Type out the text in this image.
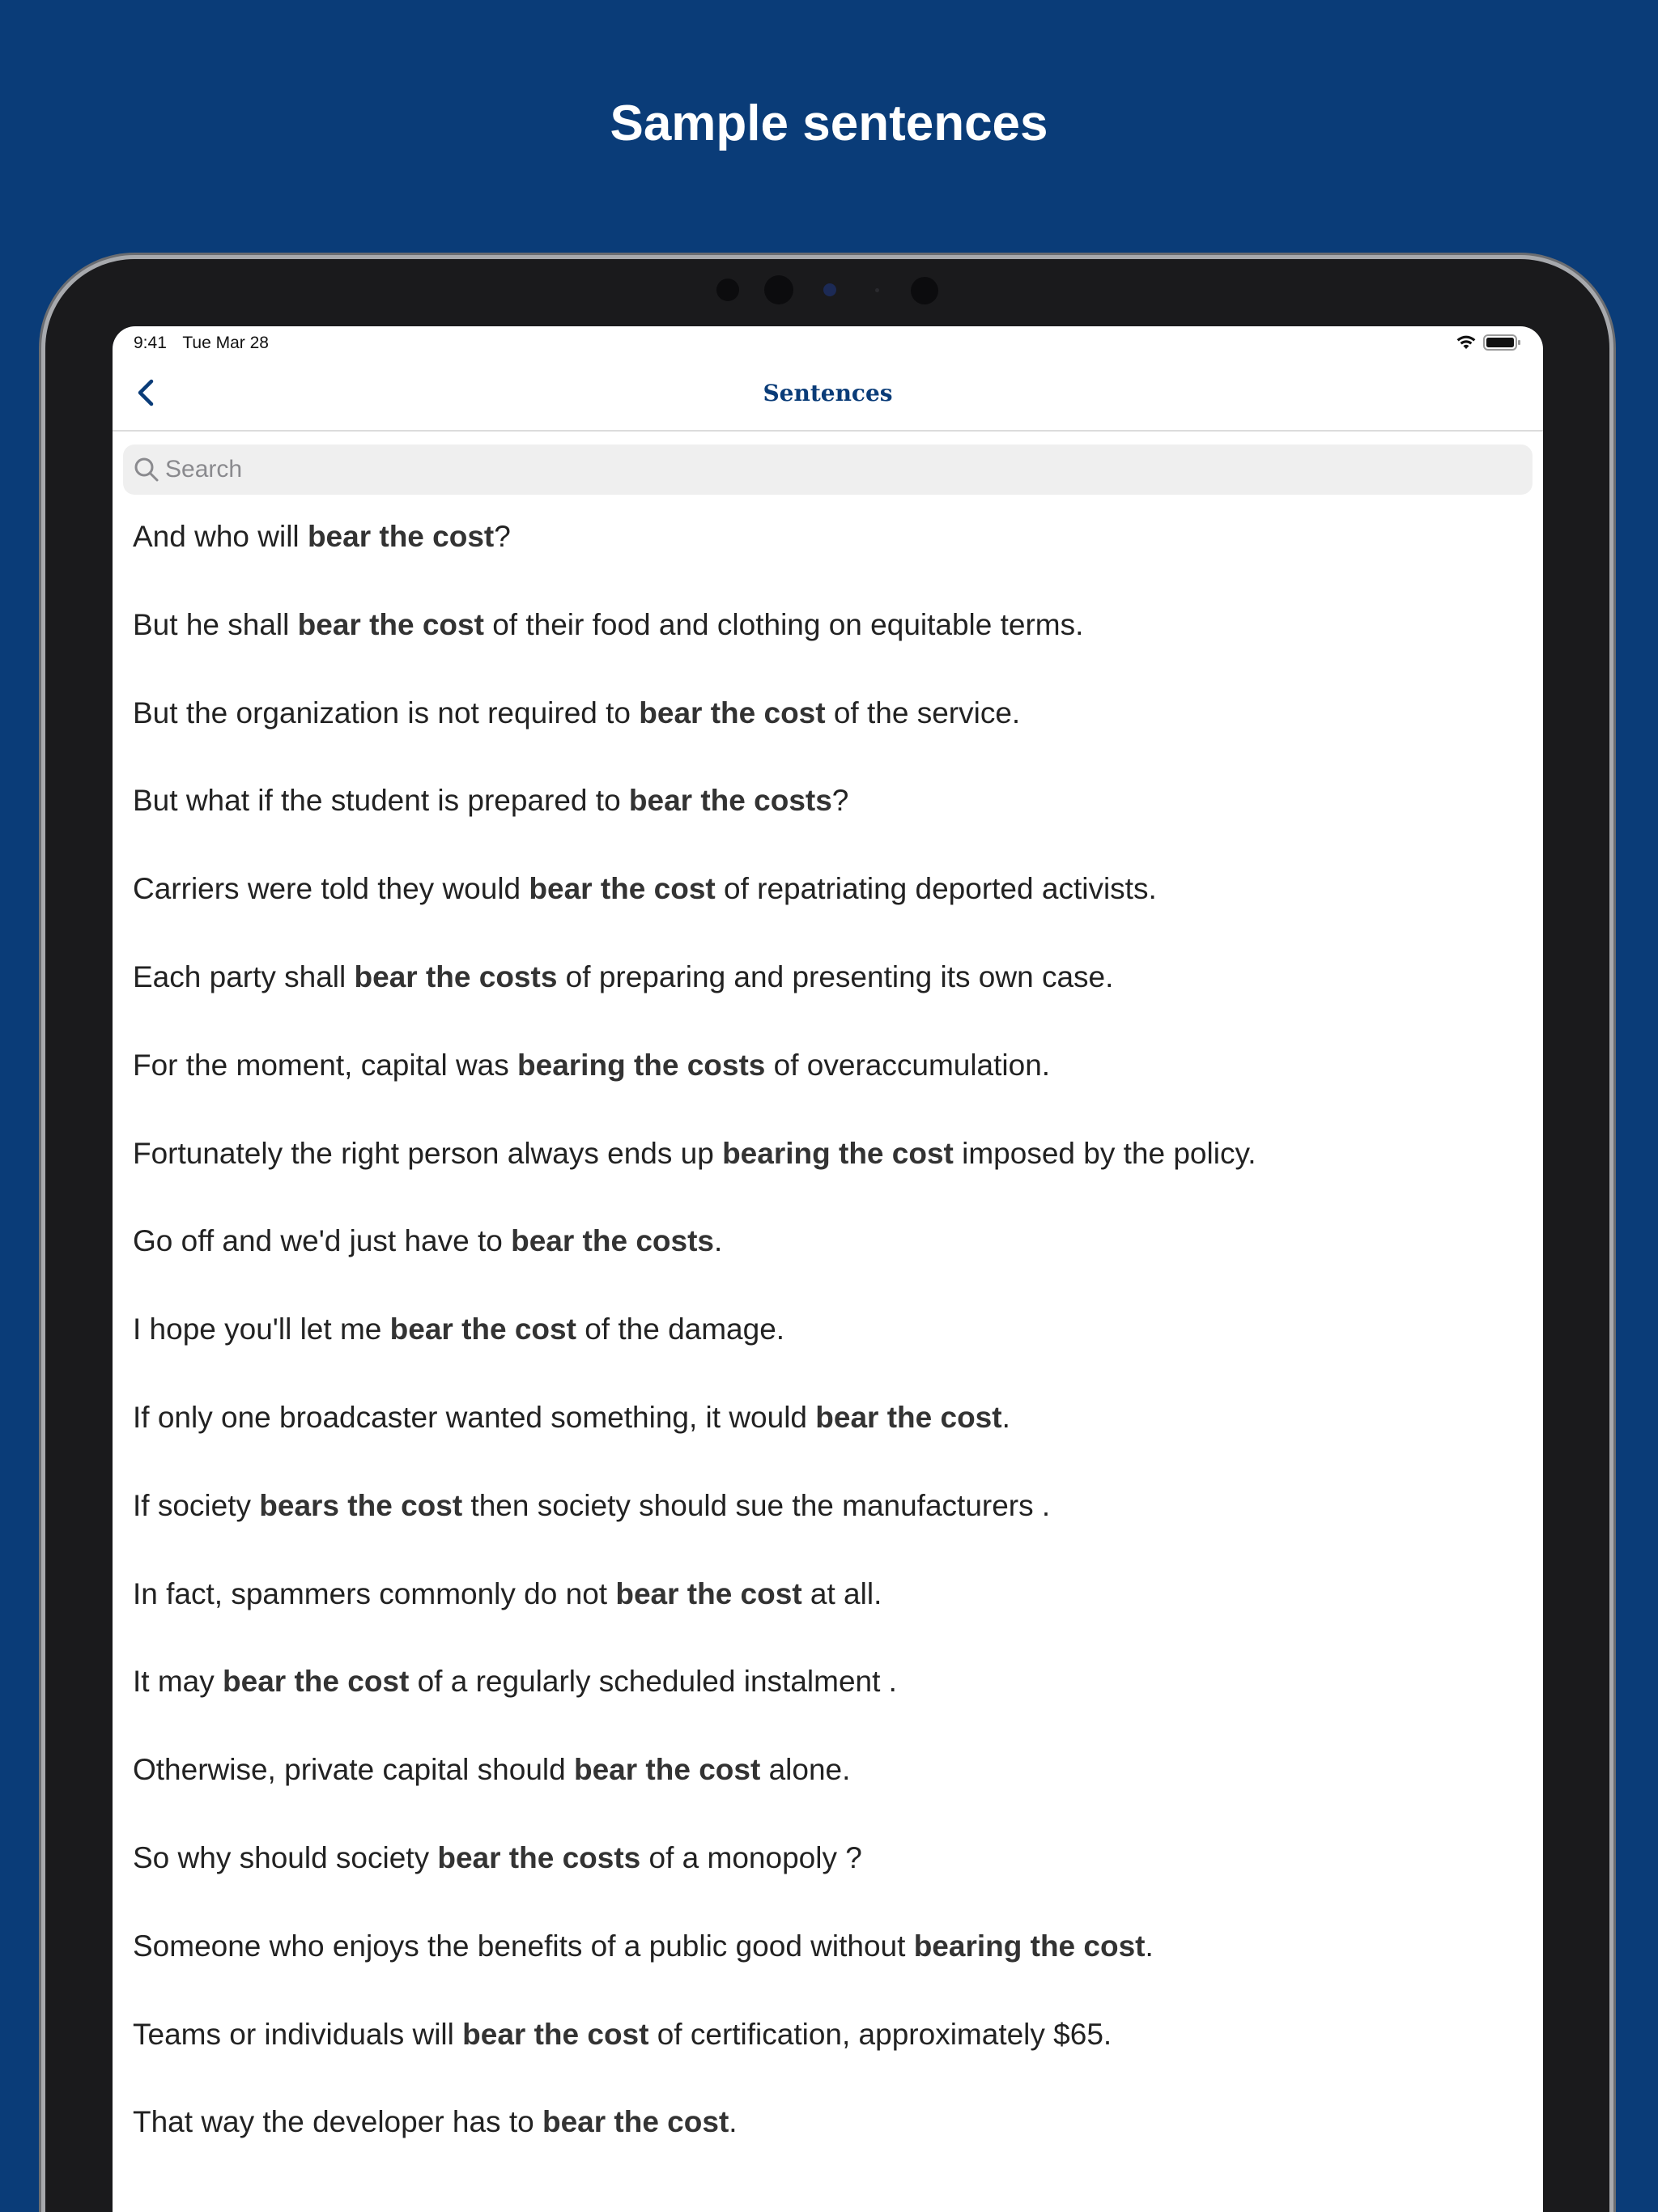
Sample sentences
9:41 Tue Mar 28
Sentences
Search
And who will bear the cost?
But he shall bear the cost of their food and clothing on equitable terms.
But the organization is not required to bear the cost of the service.
But what if the student is prepared to bear the costs?
Carriers were told they would bear the cost of repatriating deported activists.
Each party shall bear the costs of preparing and presenting its own case.
For the moment, capital was bearing the costs of overaccumulation.
Fortunately the right person always ends up bearing the cost imposed by the policy.
Go off and we'd just have to bear the costs.
I hope you'll let me bear the cost of the damage.
If only one broadcaster wanted something, it would bear the cost.
If society bears the cost then society should sue the manufacturers .
In fact, spammers commonly do not bear the cost at all.
It may bear the cost of a regularly scheduled instalment .
Otherwise, private capital should bear the cost alone.
So why should society bear the costs of a monopoly ?
Someone who enjoys the benefits of a public good without bearing the cost.
Teams or individuals will bear the cost of certification, approximately $65.
That way the developer has to bear the cost.
